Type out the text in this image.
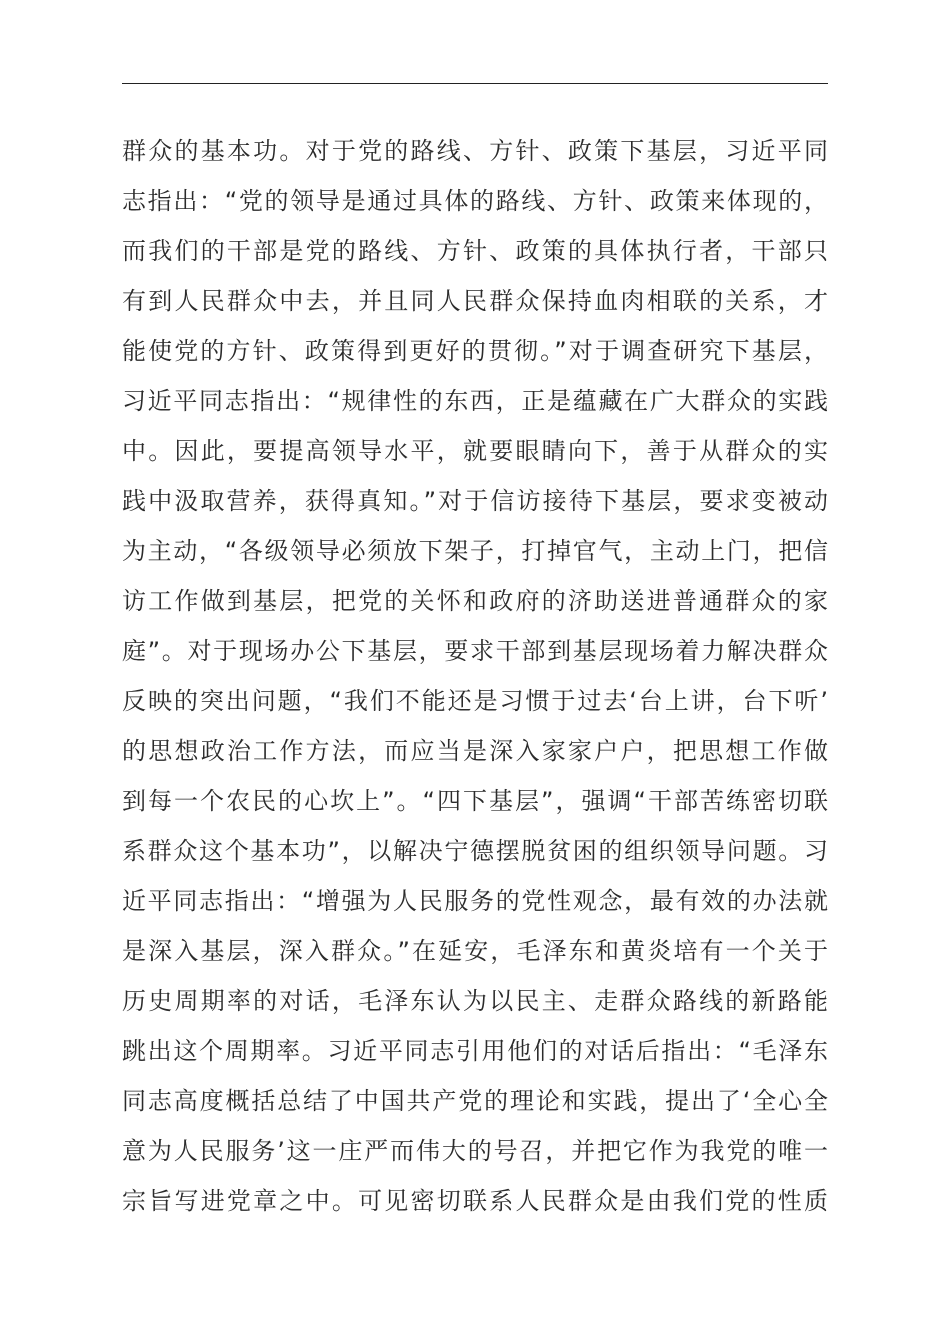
群众的基本功。对于党的路线、方针、政策下基层，习近平同
志指出：“党的领导是通过具体的路线、方针、政策来体现的，
而我们的干部是党的路线、方针、政策的具体执行者，干部只
有到人民群众中去，并且同人民群众保持血肉相联的关系，才
能使党的方针、政策得到更好的贯彻。”对于调查研究下基层，
习近平同志指出：“规律性的东西，正是蕴藏在广大群众的实践
中。因此，要提高领导水平，就要眼睛向下，善于从群众的实
践中汲取营养，获得真知。”对于信访接待下基层，要求变被动
为主动，“各级领导必须放下架子，打掉官气，主动上门，把信
访工作做到基层，把党的关怀和政府的济助送进普通群众的家
庭”。对于现场办公下基层，要求干部到基层现场着力解决群众
反映的突出问题，“我们不能还是习惯于过去‘台上讲，台下听’
的思想政治工作方法，而应当是深入家家户户，把思想工作做
到每一个农民的心坎上”。“四下基层”，强调“干部苦练密切联
系群众这个基本功”，以解决宁德摆脱贫困的组织领导问题。习
近平同志指出：“增强为人民服务的党性观念，最有效的办法就
是深入基层，深入群众。”在延安，毛泽东和黄炎培有一个关于
历史周期率的对话，毛泽东认为以民主、走群众路线的新路能
跳出这个周期率。习近平同志引用他们的对话后指出：“毛泽东
同志高度概括总结了中国共产党的理论和实践，提出了‘全心全
意为人民服务’这一庄严而伟大的号召，并把它作为我党的唯一
宗旨写进党章之中。可见密切联系人民群众是由我们党的性质
